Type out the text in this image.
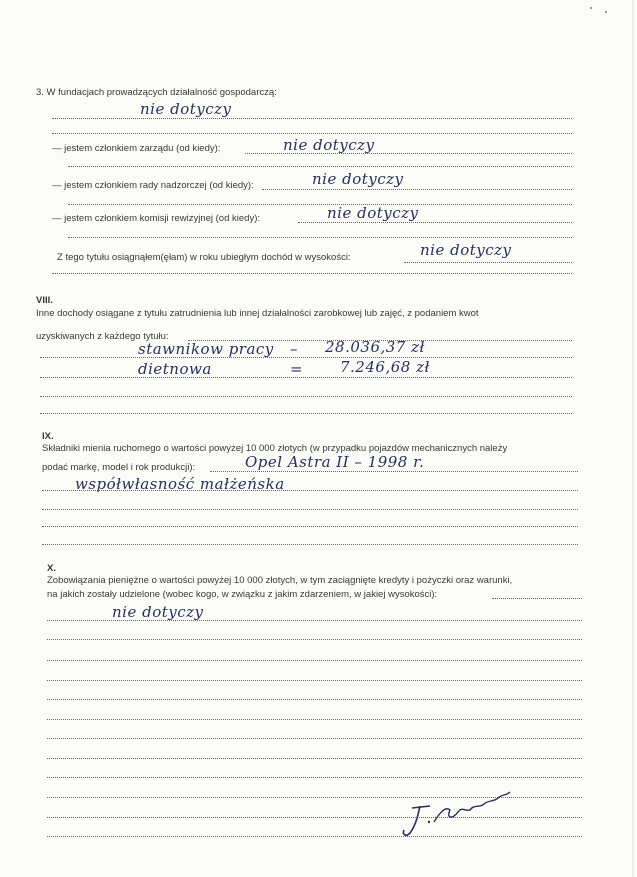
3. W fundacjach prowadzących działalność gospodarczą:
nie dotyczy
— jestem członkiem zarządu (od kiedy):	nie dotyczy
— jestem członkiem rady nadzorczej (od kiedy):	nie dotyczy
— jestem członkiem komisji rewizyjnej (od kiedy):	nie dotyczy
Z tego tytułu osiągnąłem(ęłam) w roku ubiegłym dochód w wysokości:	nie dotyczy
VIII.
Inne dochody osiągane z tytułu zatrudnienia lub innej działalności zarobkowej lub zajęć, z podaniem kwot
uzyskiwanych z każdego tytułu:
stawnikow pracy – 28.036,37 zł
dietnowa	= 7.246,68 zł
IX.
Składniki mienia ruchomego o wartości powyżej 10 000 złotych (w przypadku pojazdów mechanicznych należy
podać markę, model i rok produkcji):	Opel Astra II – 1998 r.
współwłasność małżeńska
X.
Zobowiązania pieniężne o wartości powyżej 10 000 złotych, w tym zaciągnięte kredyty i pożyczki oraz warunki,
na jakich zostały udzielone (wobec kogo, w związku z jakim zdarzeniem, w jakiej wysokości):
nie dotyczy
